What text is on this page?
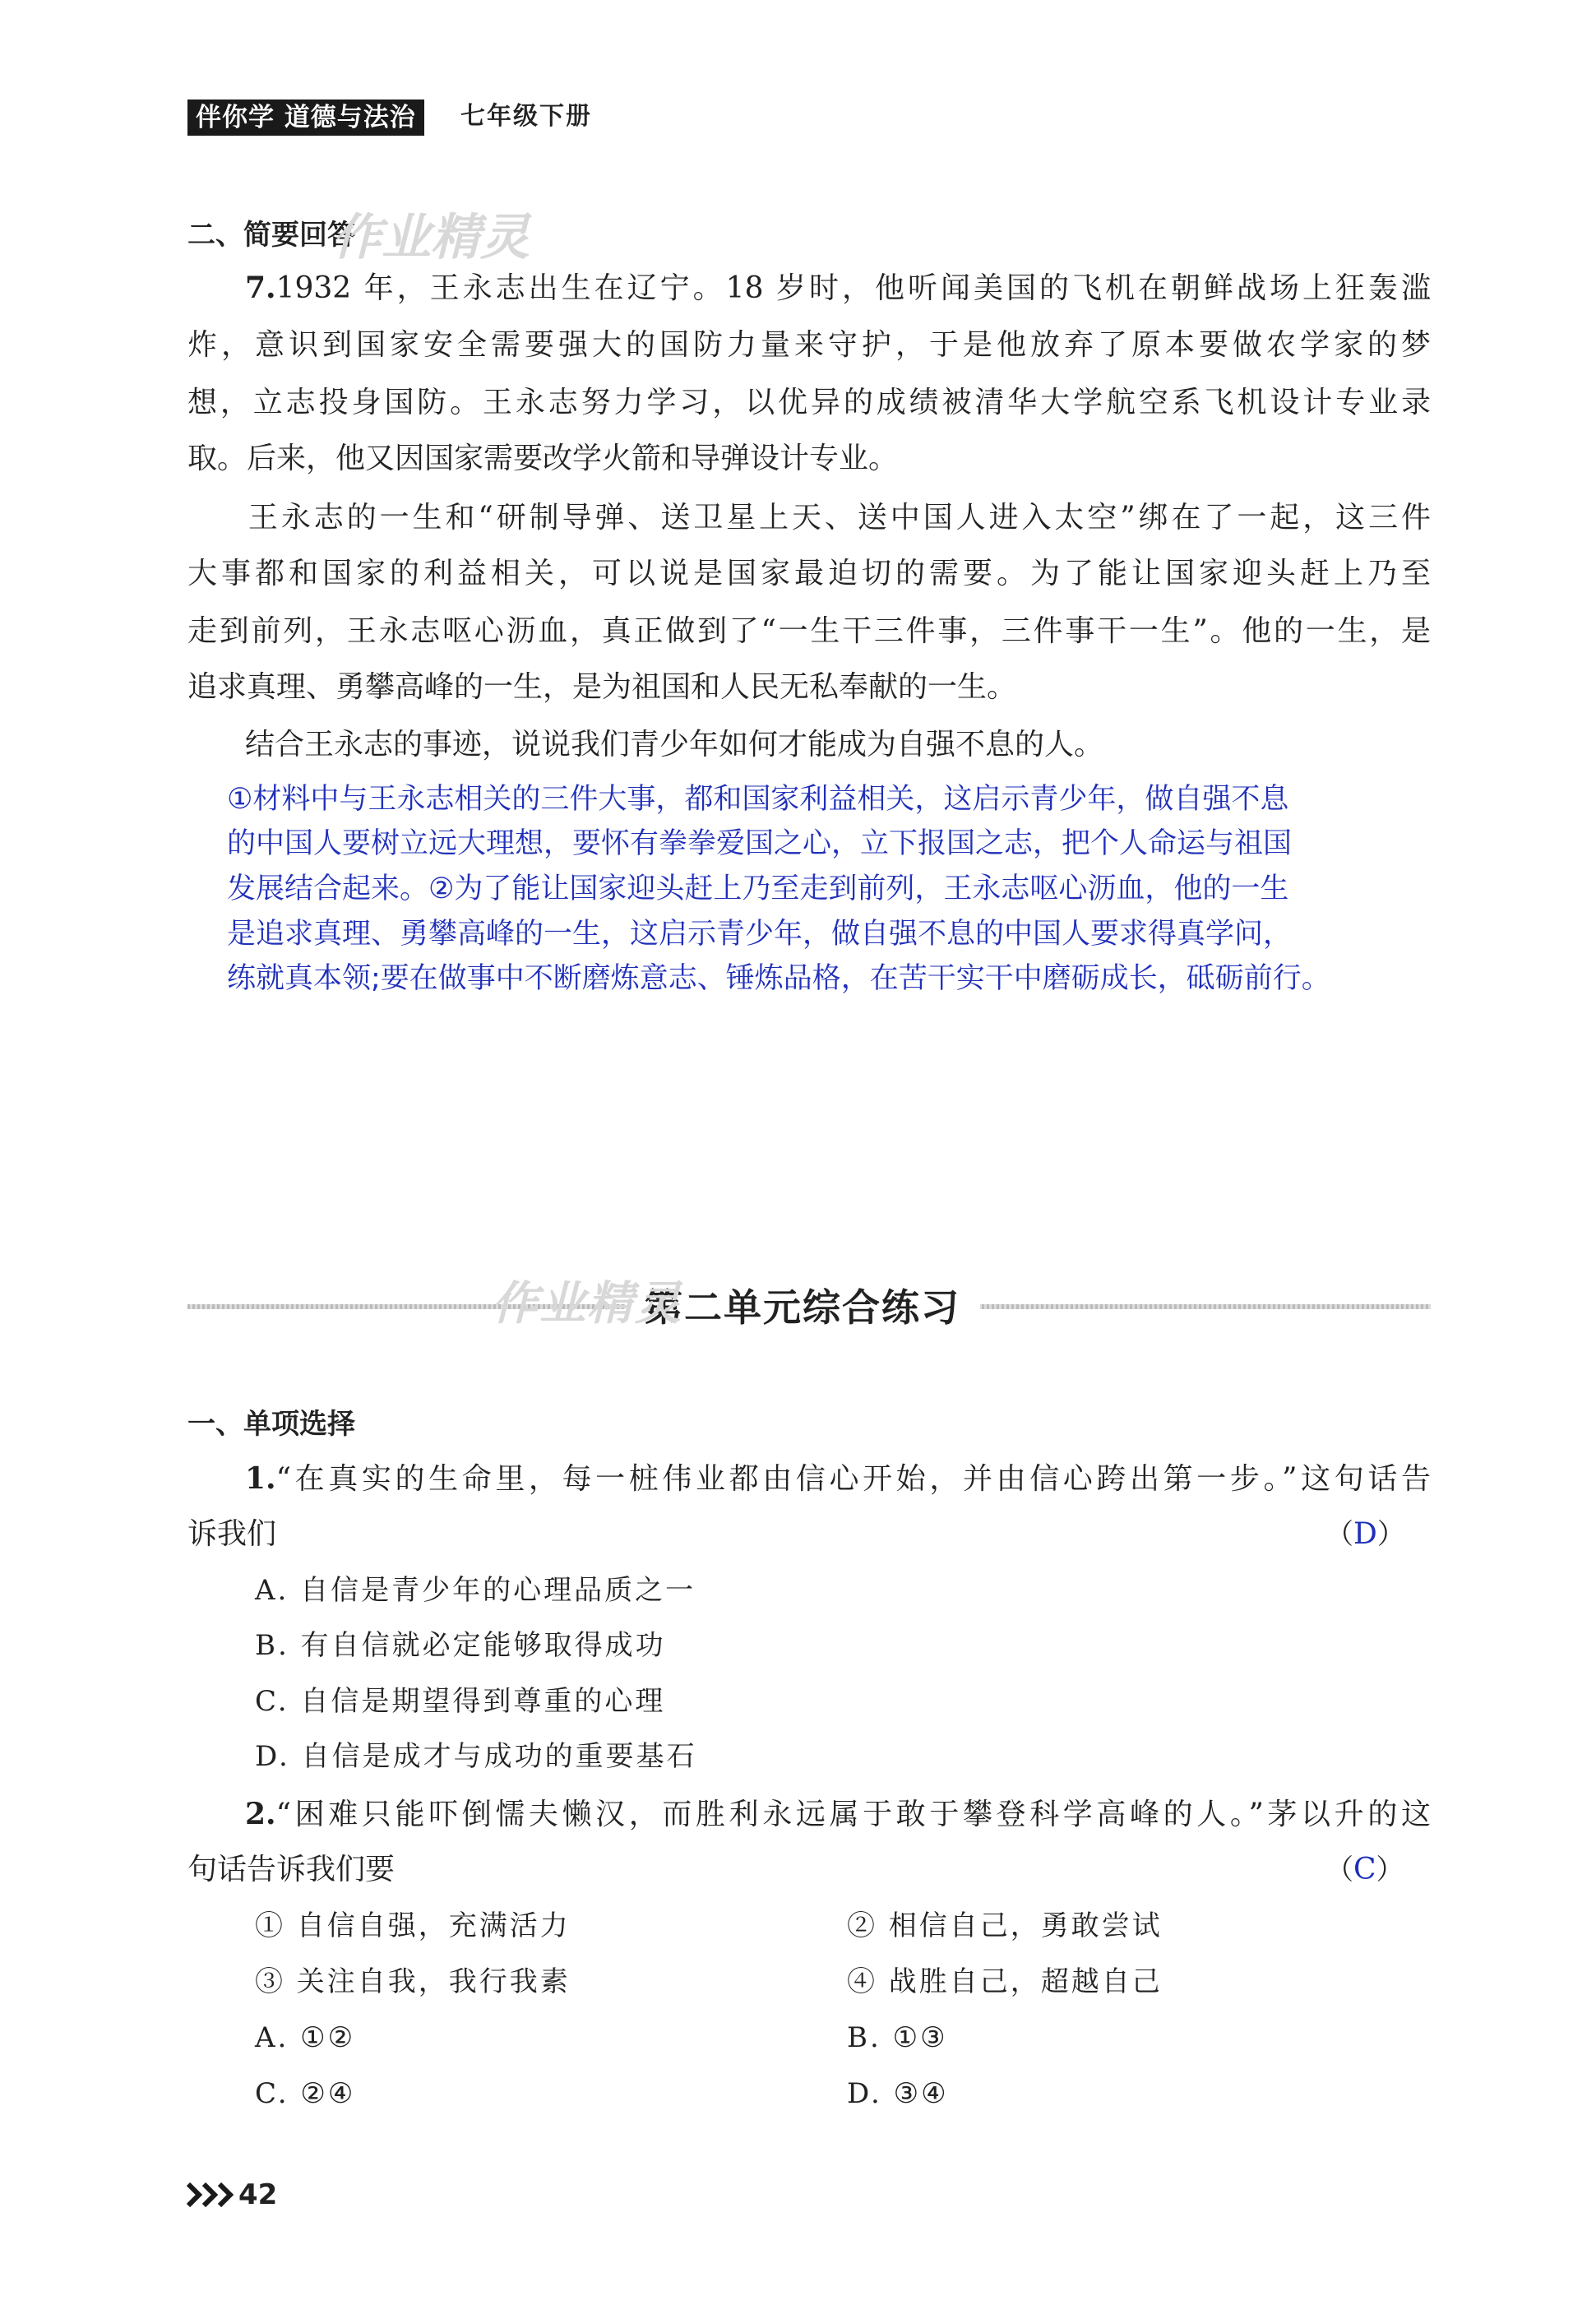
伴你学 道德与法治	七年级下册
二、简要回答
作业精灵
7.1932 年，王永志出生在辽宁。18 岁时，他听闻美国的飞机在朝鲜战场上狂轰滥
炸，意识到国家安全需要强大的国防力量来守护，于是他放弃了原本要做农学家的梦
想，立志投身国防。王永志努力学习，以优异的成绩被清华大学航空系飞机设计专业录
取。后来，他又因国家需要改学火箭和导弹设计专业。
王永志的一生和“研制导弹、送卫星上天、送中国人进入太空”绑在了一起，这三件
大事都和国家的利益相关，可以说是国家最迫切的需要。为了能让国家迎头赶上乃至
走到前列，王永志呕心沥血，真正做到了“一生干三件事，三件事干一生”。他的一生，是
追求真理、勇攀高峰的一生，是为祖国和人民无私奉献的一生。
结合王永志的事迹，说说我们青少年如何才能成为自强不息的人。
①材料中与王永志相关的三件大事，都和国家利益相关，这启示青少年，做自强不息
的中国人要树立远大理想，要怀有拳拳爱国之心，立下报国之志，把个人命运与祖国
发展结合起来。②为了能让国家迎头赶上乃至走到前列，王永志呕心沥血，他的一生
是追求真理、勇攀高峰的一生，这启示青少年，做自强不息的中国人要求得真学问，
练就真本领;要在做事中不断磨炼意志、锤炼品格，在苦干实干中磨砺成长，砥砺前行。
作业精灵
第二单元综合练习
一、单项选择
1.“在真实的生命里，每一桩伟业都由信心开始，并由信心跨出第一步。”这句话告
诉我们	（D）
A. 自信是青少年的心理品质之一
B. 有自信就必定能够取得成功
C. 自信是期望得到尊重的心理
D. 自信是成才与成功的重要基石
2.“困难只能吓倒懦夫懒汉，而胜利永远属于敢于攀登科学高峰的人。”茅以升的这
句话告诉我们要	（C）
① 自信自强，充满活力	② 相信自己，勇敢尝试
③ 关注自我，我行我素	④ 战胜自己，超越自己
A. ①②	B. ①③
C. ②④	D. ③④
42
